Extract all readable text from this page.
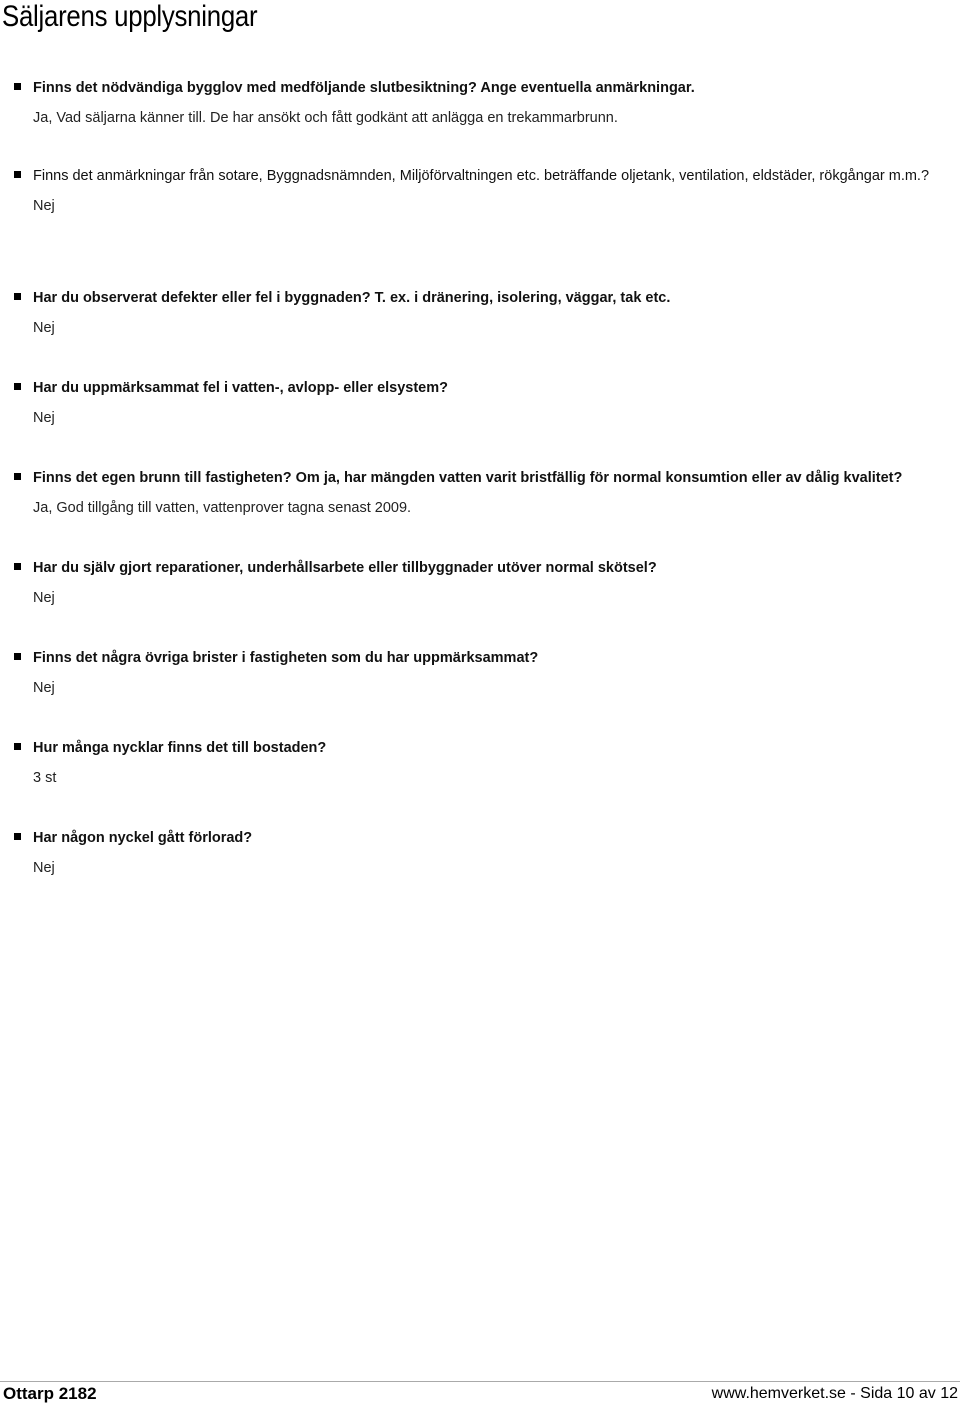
Säljarens upplysningar

Finns det nödvändiga bygglov med medföljande slutbesiktning? Ange eventuella anmärkningar.

Ja, Vad säljarna känner till. De har ansökt och fått godkänt att anlägga en trekammarbrunn.

Finns det anmärkningar från sotare, Byggnadsnämnden, Miljöförvaltningen etc. beträffande oljetank, ventilation, eldstäder, rökgångar m.m.?

Nej

Har du observerat defekter eller fel i byggnaden? T. ex. i dränering, isolering, väggar, tak etc.

Nej

Har du uppmärksammat fel i vatten-, avlopp- eller elsystem?

Nej

Finns det egen brunn till fastigheten? Om ja, har mängden vatten varit bristfällig för normal konsumtion eller av dålig kvalitet?

Ja, God tillgång till vatten, vattenprover tagna senast 2009.

Har du själv gjort reparationer, underhållsarbete eller tillbyggnader utöver normal skötsel?

Nej

Finns det några övriga brister i fastigheten som du har uppmärksammat?

Nej

Hur många nycklar finns det till bostaden?

3 st

Har någon nyckel gått förlorad?

Nej

Ottarp 2182	www.hemverket.se - Sida 10 av 12
